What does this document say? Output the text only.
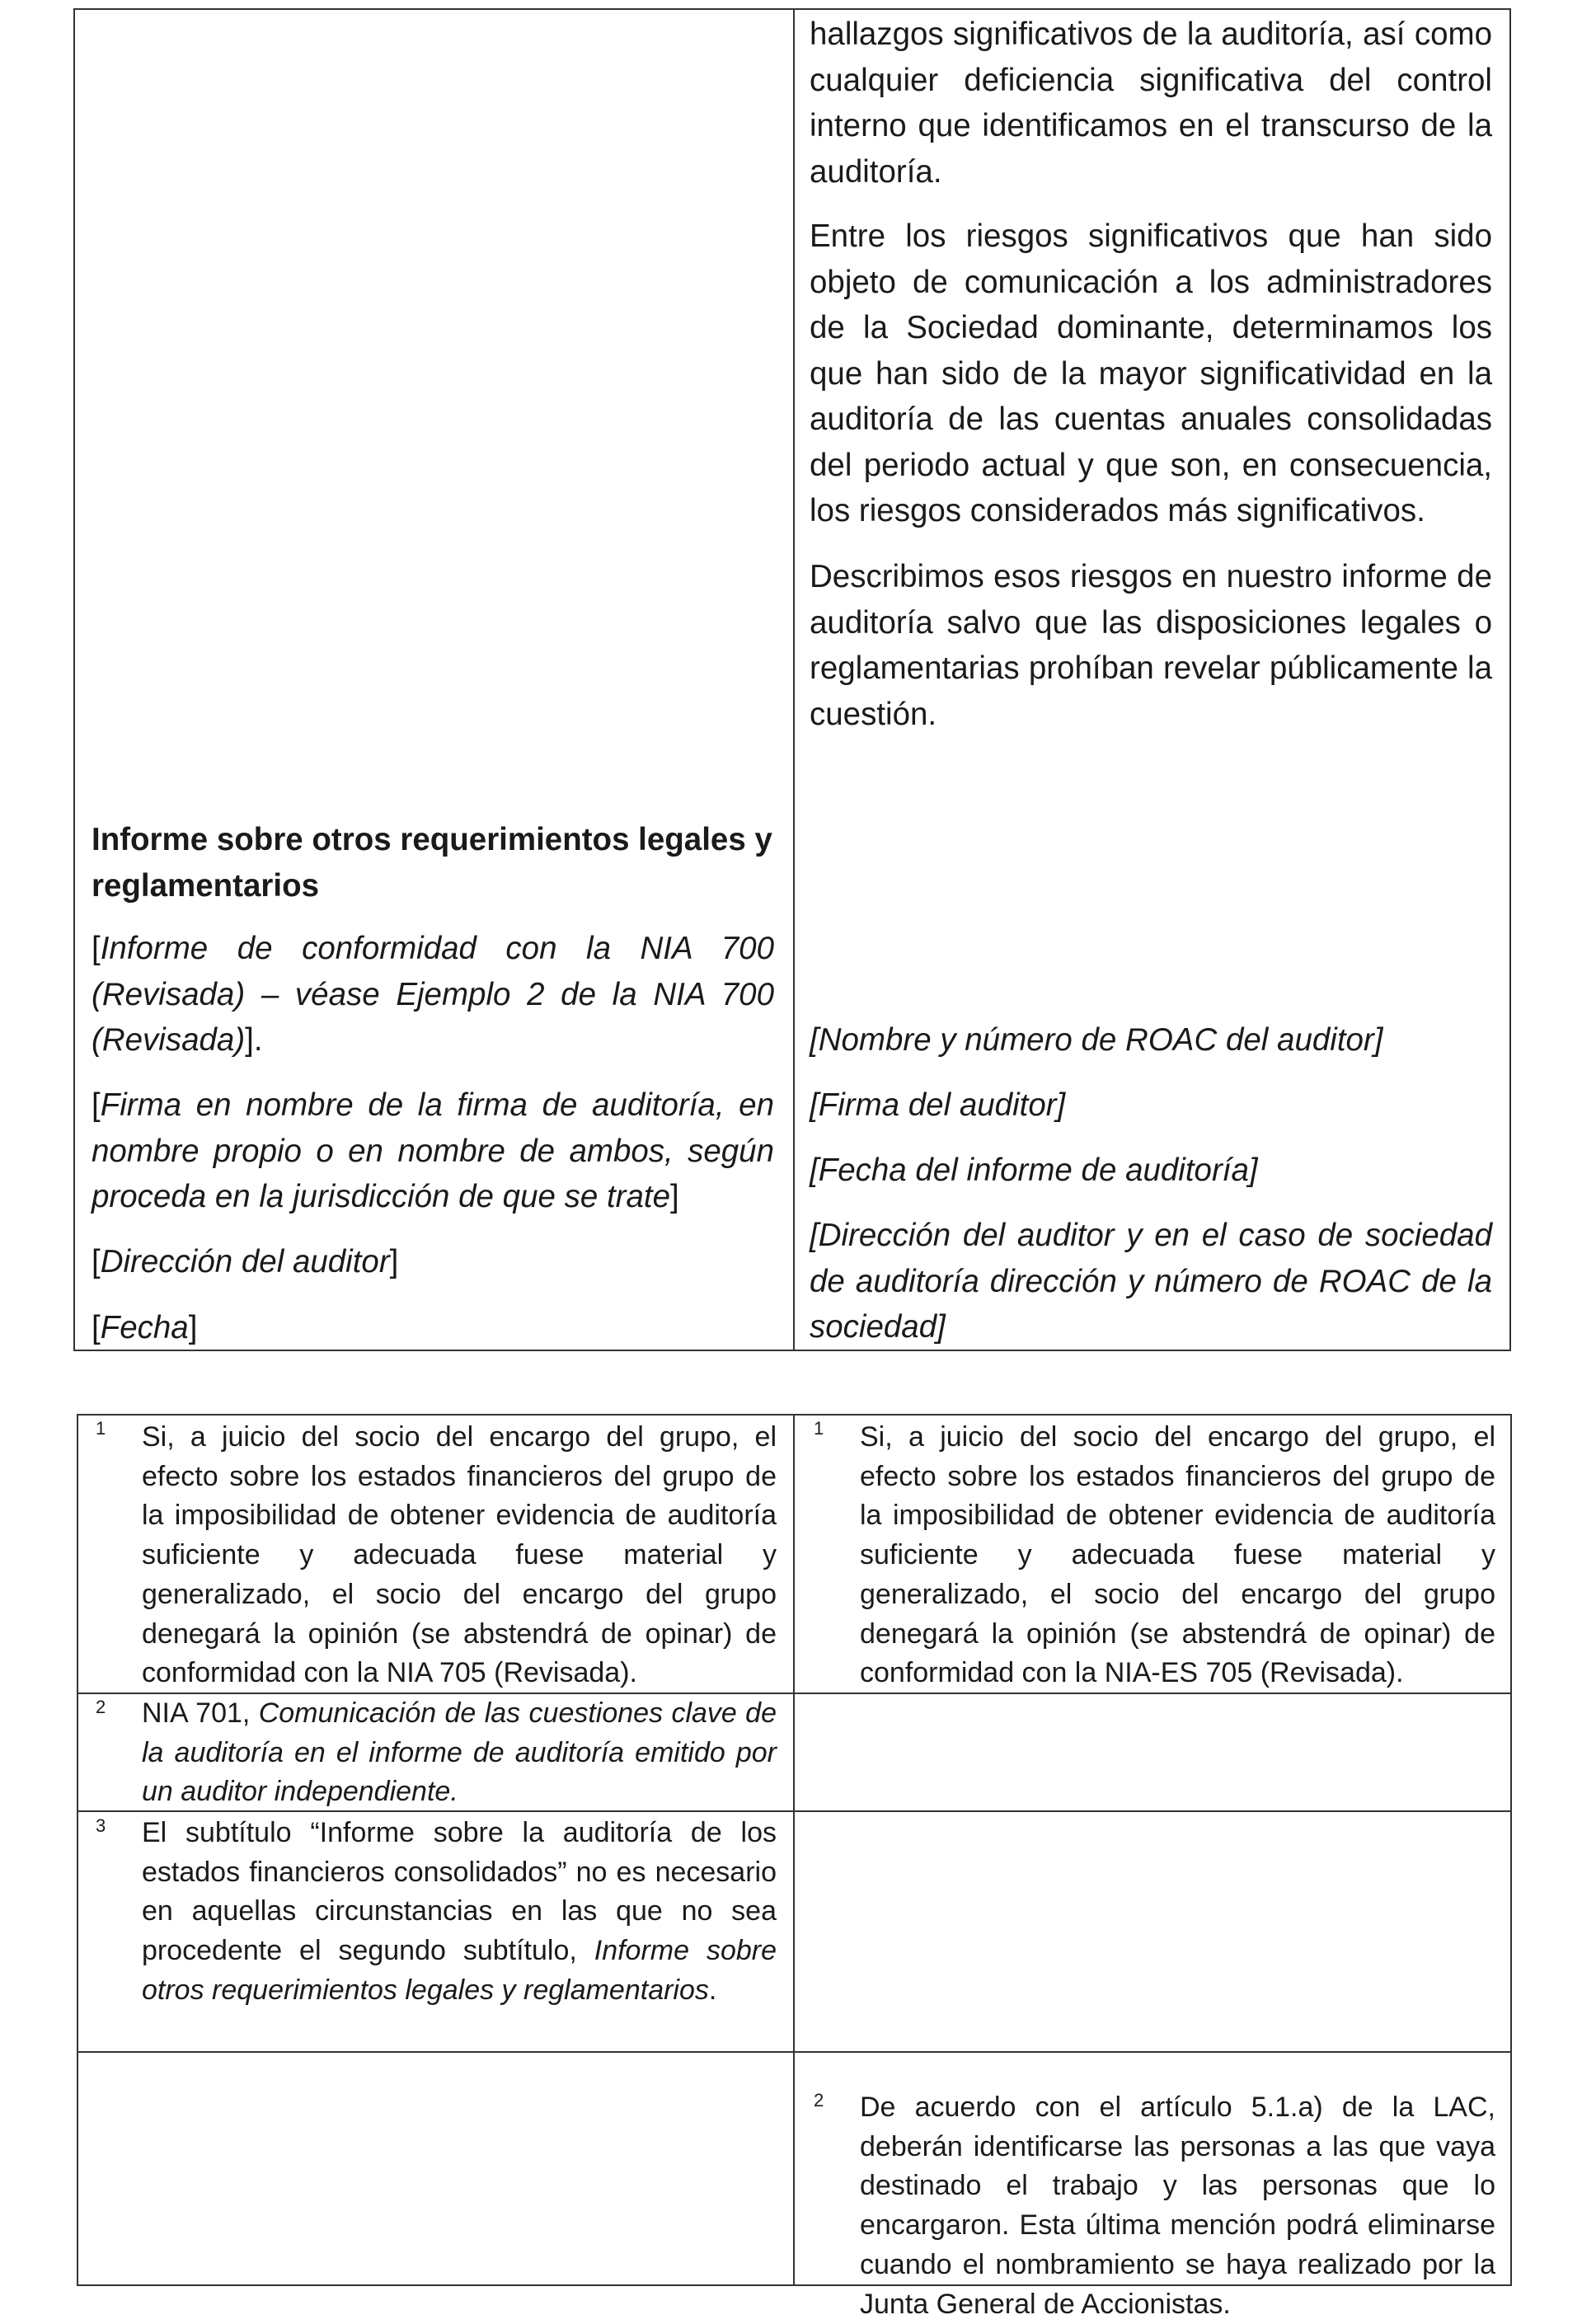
hallazgos significativos de la auditoría, así como cualquier deficiencia significativa del control interno que identificamos en el transcurso de la auditoría.
Entre los riesgos significativos que han sido objeto de comunicación a los administradores de la Sociedad dominante, determinamos los que han sido de la mayor significatividad en la auditoría de las cuentas anuales consolidadas del periodo actual y que son, en consecuencia, los riesgos considerados más significativos.
Describimos esos riesgos en nuestro informe de auditoría salvo que las disposiciones legales o reglamentarias prohíban revelar públicamente la cuestión.
Informe sobre otros requerimientos legales y reglamentarios
[Informe de conformidad con la NIA 700 (Revisada) – véase Ejemplo 2 de la NIA 700 (Revisada)].
[Firma en nombre de la firma de auditoría, en nombre propio o en nombre de ambos, según proceda en la jurisdicción de que se trate]
[Dirección del auditor]
[Fecha]
[Nombre y número de ROAC del auditor]
[Firma del auditor]
[Fecha del informe de auditoría]
[Dirección del auditor y en el caso de sociedad de auditoría dirección y número de ROAC de la sociedad]
1 Si, a juicio del socio del encargo del grupo, el efecto sobre los estados financieros del grupo de la imposibilidad de obtener evidencia de auditoría suficiente y adecuada fuese material y generalizado, el socio del encargo del grupo denegará la opinión (se abstendrá de opinar) de conformidad con la NIA 705 (Revisada).
2 NIA 701, Comunicación de las cuestiones clave de la auditoría en el informe de auditoría emitido por un auditor independiente.
3 El subtítulo “Informe sobre la auditoría de los estados financieros consolidados” no es necesario en aquellas circunstancias en las que no sea procedente el segundo subtítulo, Informe sobre otros requerimientos legales y reglamentarios.
1 Si, a juicio del socio del encargo del grupo, el efecto sobre los estados financieros del grupo de la imposibilidad de obtener evidencia de auditoría suficiente y adecuada fuese material y generalizado, el socio del encargo del grupo denegará la opinión (se abstendrá de opinar) de conformidad con la NIA-ES 705 (Revisada).
2 De acuerdo con el artículo 5.1.a) de la LAC, deberán identificarse las personas a las que vaya destinado el trabajo y las personas que lo encargaron. Esta última mención podrá eliminarse cuando el nombramiento se haya realizado por la Junta General de Accionistas.
